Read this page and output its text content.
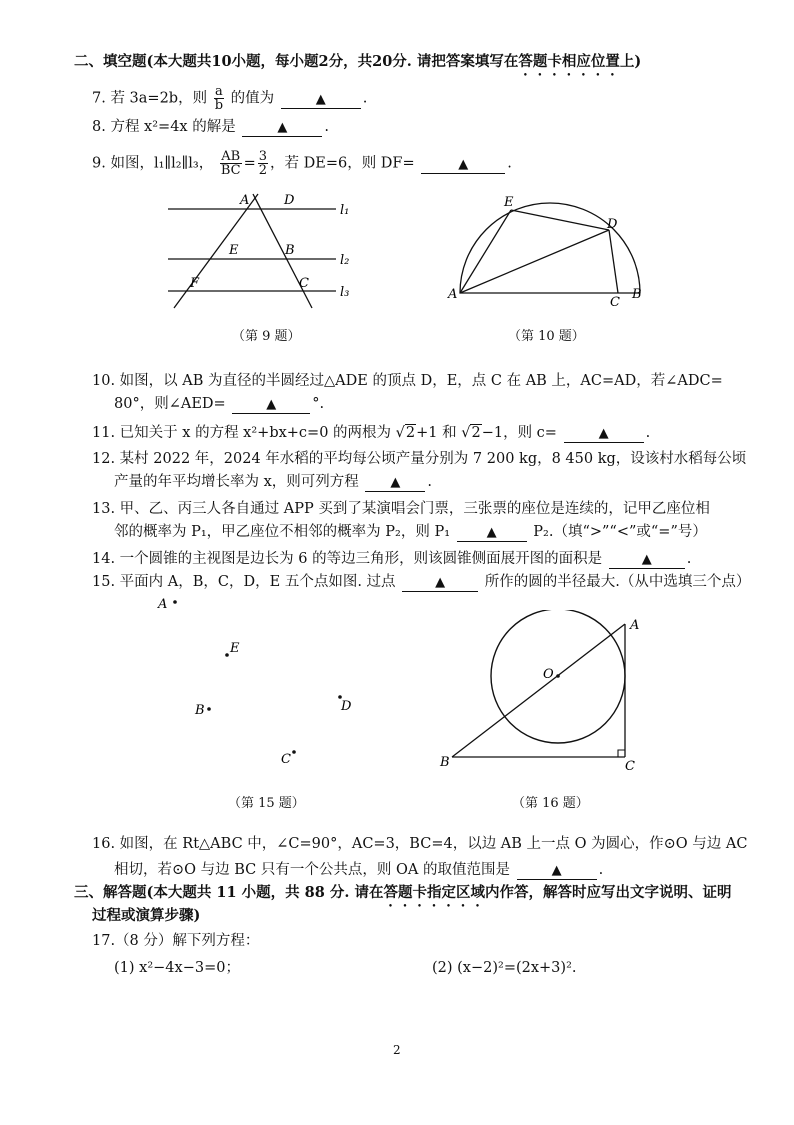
二、填空题(本大题共10小题，每小题2分，共20分. 请把答案填写在答题卡相应位置上)
7. 若 3a=2b，则 $\frac{a}{b}$ 的值为	▲	.
8. 方程 x²=4x 的解是	▲	.
9. 如图，l₁∥l₂∥l₃， $\frac{AB}{BC} = \frac{3}{2}$ ，若 DE=6，则 DF=	▲	.
A	D
E	B
F	C
l₁
l₂
l₃
（第 9 题）
E
D
A
C
B
（第 10 题）
10. 如图，以 AB 为直径的半圆经过△ADE 的顶点 D，E，点 C 在 AB 上，AC=AD，若∠ADC=
80°，则∠AED=	▲ °.
11. 已知关于 x 的方程 x²+bx+c=0 的两根为 √2+1 和 √2−1，则 c=	▲	.
12. 某村 2022 年，2024 年水稻的平均每公顷产量分别为 7 200 kg，8 450 kg，设该村水稻每公顷
产量的年平均增长率为 x，则可列方程 ▲ .
13. 甲、乙、丙三人各自通过 APP 买到了某演唱会门票，三张票的座位是连续的，记甲乙座位相
邻的概率为 P₁，甲乙座位不相邻的概率为 P₂，则 P₁	▲	P₂.（填“>”“<”或“=”号）
14. 一个圆锥的主视图是边长为 6 的等边三角形，则该圆锥侧面展开图的面积是	▲ .
15. 平面内 A，B，C，D，E 五个点如图. 过点	▲	所作的圆的半径最大.（从中选填三个点）
A
E
B	D
C
（第 15 题）
A
O
B	C
（第 16 题）
16. 如图，在 Rt△ABC 中，∠C=90°，AC=3，BC=4，以边 AB 上一点 O 为圆心，作⊙O 与边 AC
相切，若⊙O 与边 BC 只有一个公共点，则 OA 的取值范围是	▲	.
三、解答题(本大题共 11 小题，共 88 分. 请在答题卡指定区域内作答，解答时应写出文字说明、证明
过程或演算步骤)
17.（8 分）解下列方程：
(1) x²−4x−3=0；	(2) (x−2)²=(2x+3)².
2
